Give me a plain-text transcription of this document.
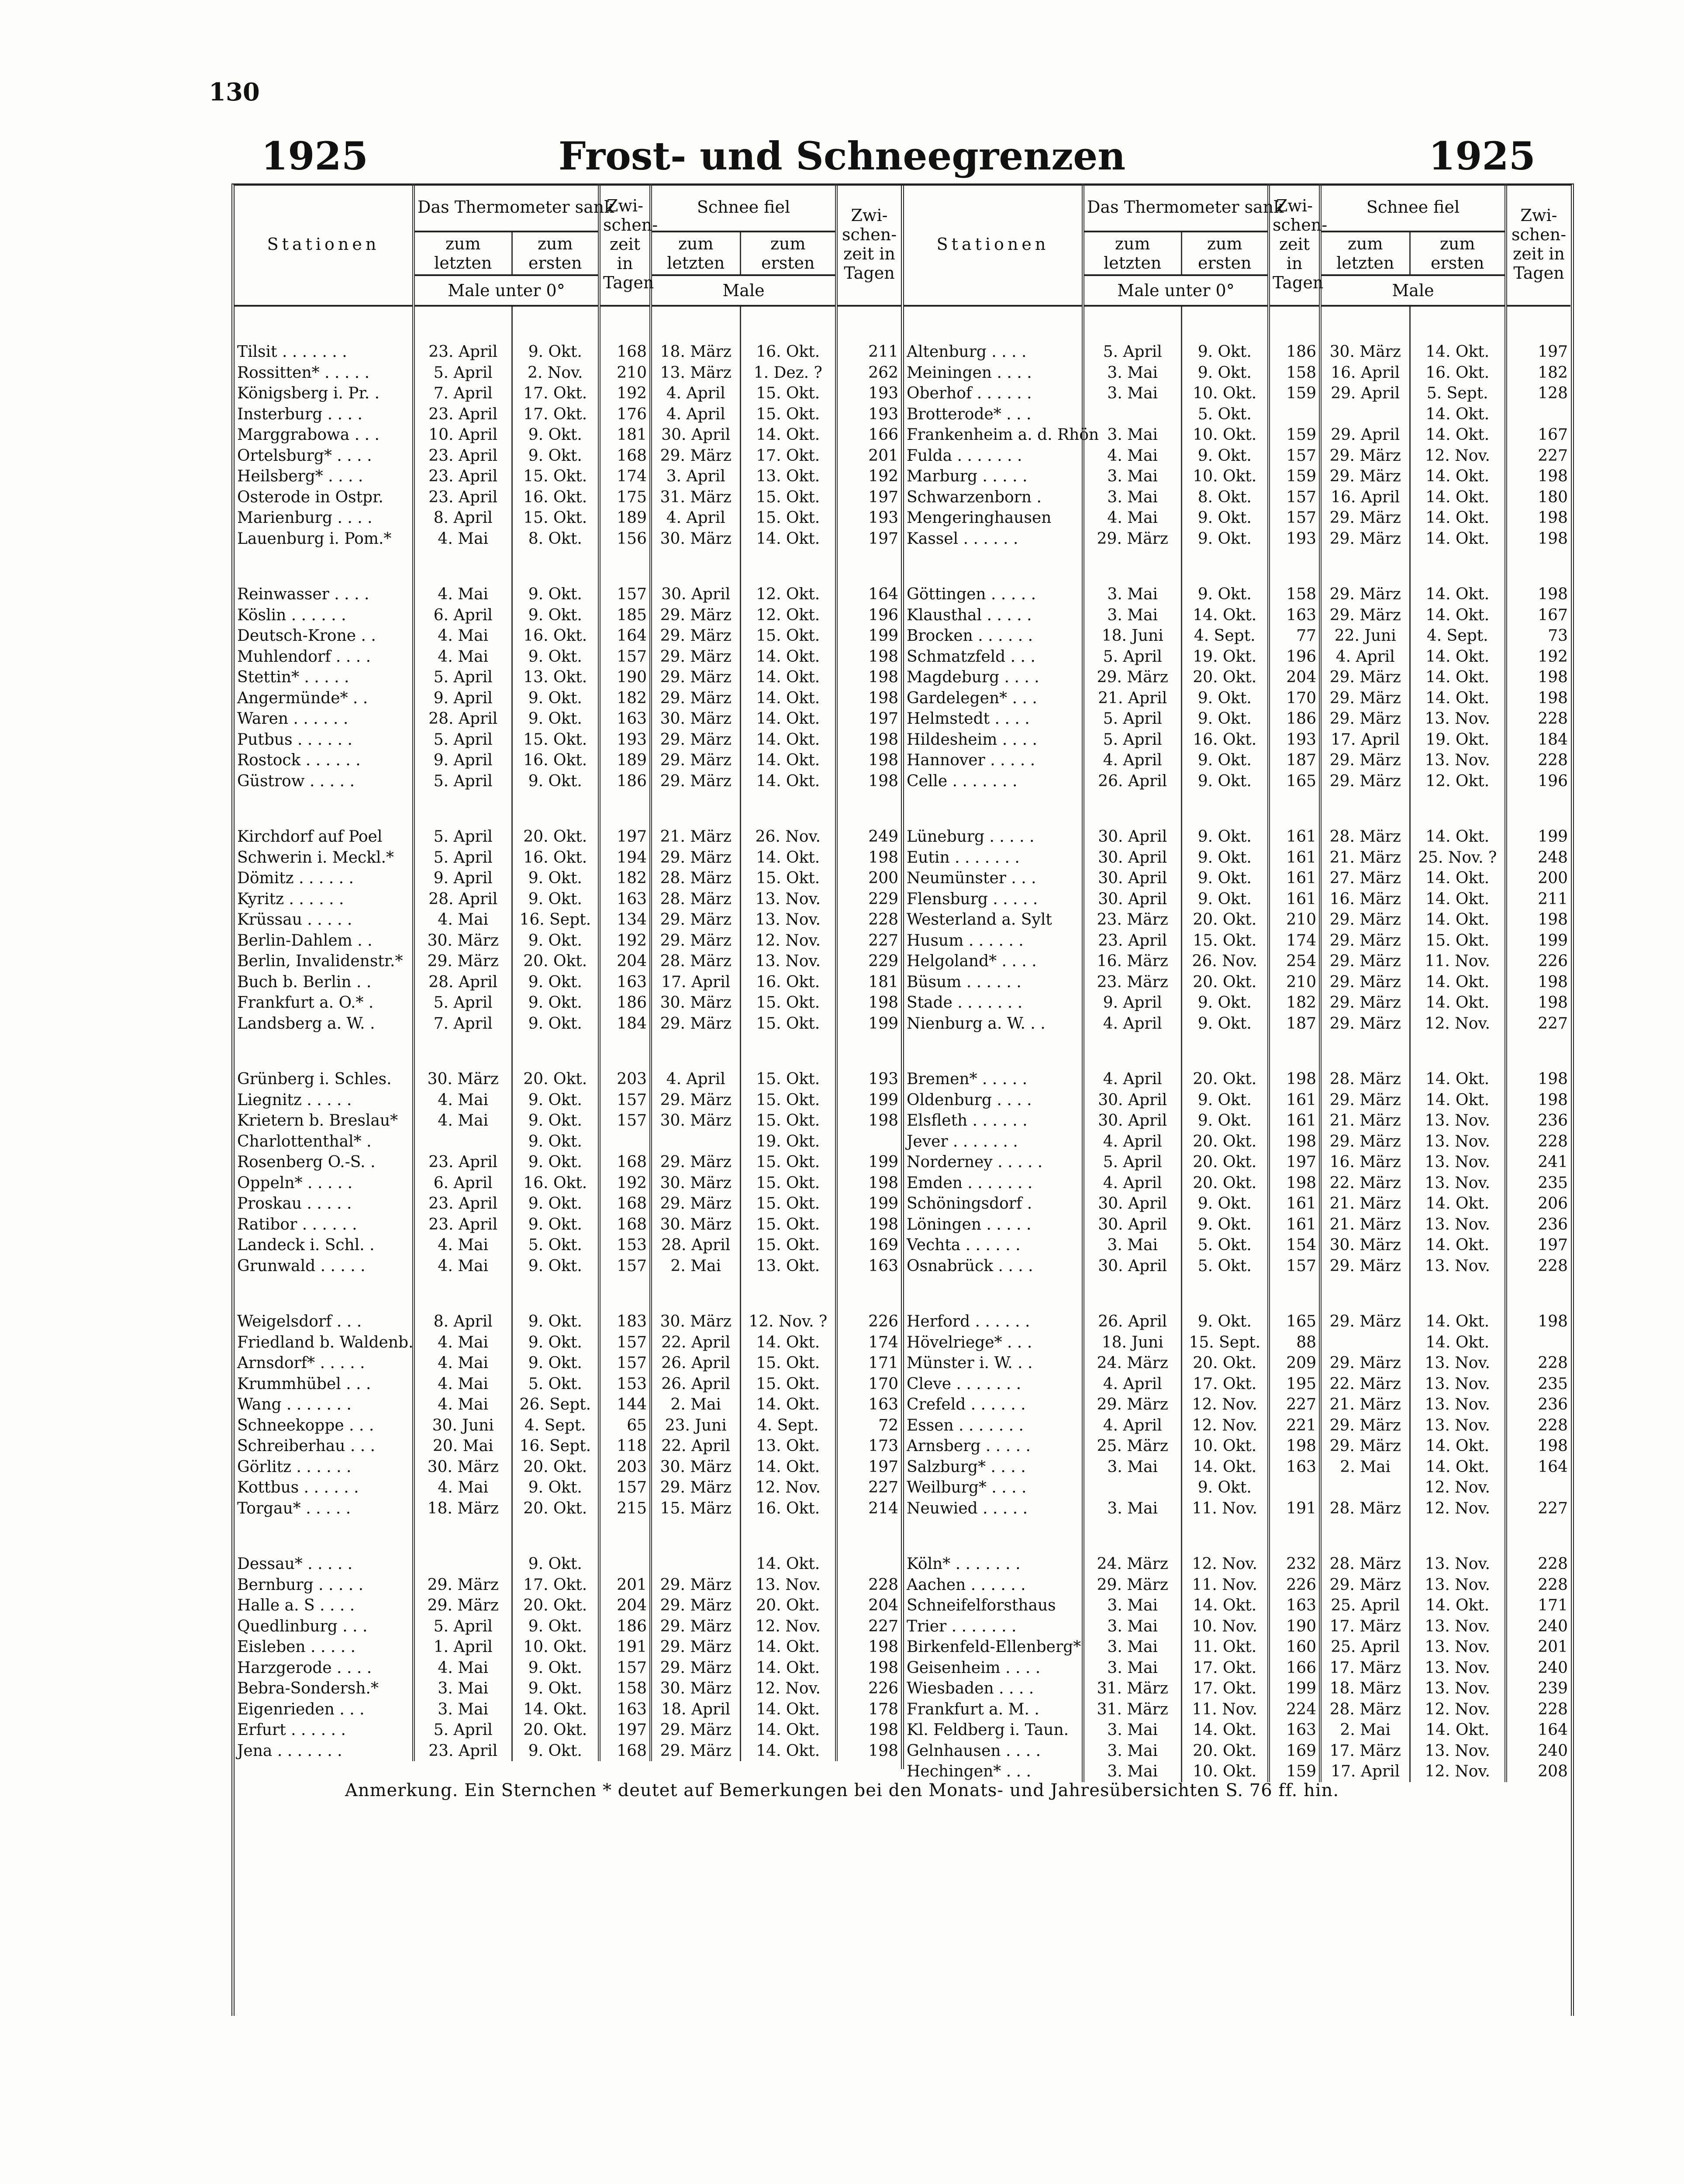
130
1925	Frost- und Schneegrenzen	1925
Stationen	Das Thermometer sank		Zwi-schen-zeit in Tagen	Schnee fiel		Zwi-schen-zeit in Tagen
	zum letzten	zum ersten		zum letzten	zum ersten	
	Male unter 0°			Male		

Tilsit . . . . . . .	23. April	9. Okt.	168	18. März	16. Okt.	211
Rossitten* . . . . .	5. April	2. Nov.	210	13. März	1. Dez. ?	262
Königsberg i. Pr. .	7. April	17. Okt.	192	4. April	15. Okt.	193
Insterburg . . . .	23. April	17. Okt.	176	4. April	15. Okt.	193
Marggrabowa . . .	10. April	9. Okt.	181	30. April	14. Okt.	166
Ortelsburg* . . . .	23. April	9. Okt.	168	29. März	17. Okt.	201
Heilsberg* . . . .	23. April	15. Okt.	174	3. April	13. Okt.	192
Osterode in Ostpr.	23. April	16. Okt.	175	31. März	15. Okt.	197
Marienburg . . . .	8. April	15. Okt.	189	4. April	15. Okt.	193
Lauenburg i. Pom.*	4. Mai	8. Okt.	156	30. März	14. Okt.	197

Reinwasser . . . .	4. Mai	9. Okt.	157	30. April	12. Okt.	164
Köslin . . . . . .	6. April	9. Okt.	185	29. März	12. Okt.	196
Deutsch-Krone . .	4. Mai	16. Okt.	164	29. März	15. Okt.	199
Muhlendorf . . . .	4. Mai	9. Okt.	157	29. März	14. Okt.	198
Stettin* . . . . .	5. April	13. Okt.	190	29. März	14. Okt.	198
Angermünde* . .	9. April	9. Okt.	182	29. März	14. Okt.	198
Waren . . . . . .	28. April	9. Okt.	163	30. März	14. Okt.	197
Putbus . . . . . .	5. April	15. Okt.	193	29. März	14. Okt.	198
Rostock . . . . . .	9. April	16. Okt.	189	29. März	14. Okt.	198
Güstrow . . . . .	5. April	9. Okt.	186	29. März	14. Okt.	198

Kirchdorf auf Poel	5. April	20. Okt.	197	21. März	26. Nov.	249
Schwerin i. Meckl.*	5. April	16. Okt.	194	29. März	14. Okt.	198
Dömitz . . . . . .	9. April	9. Okt.	182	28. März	15. Okt.	200
Kyritz . . . . . .	28. April	9. Okt.	163	28. März	13. Nov.	229
Krüssau . . . . .	4. Mai	16. Sept.	134	29. März	13. Nov.	228
Berlin-Dahlem . .	30. März	9. Okt.	192	29. März	12. Nov.	227
Berlin, Invalidenstr.*	29. März	20. Okt.	204	28. März	13. Nov.	229
Buch b. Berlin . .	28. April	9. Okt.	163	17. April	16. Okt.	181
Frankfurt a. O.* .	5. April	9. Okt.	186	30. März	15. Okt.	198
Landsberg a. W. .	7. April	9. Okt.	184	29. März	15. Okt.	199

Grünberg i. Schles.	30. März	20. Okt.	203	4. April	15. Okt.	193
Liegnitz . . . . .	4. Mai	9. Okt.	157	29. März	15. Okt.	199
Krietern b. Breslau*	4. Mai	9. Okt.	157	30. März	15. Okt.	198
Charlottenthal* .		9. Okt.			19. Okt.	
Rosenberg O.-S. .	23. April	9. Okt.	168	29. März	15. Okt.	199
Oppeln* . . . . .	6. April	16. Okt.	192	30. März	15. Okt.	198
Proskau . . . . .	23. April	9. Okt.	168	29. März	15. Okt.	199
Ratibor . . . . . .	23. April	9. Okt.	168	30. März	15. Okt.	198
Landeck i. Schl. .	4. Mai	5. Okt.	153	28. April	15. Okt.	169
Grunwald . . . . .	4. Mai	9. Okt.	157	2. Mai	13. Okt.	163

Weigelsdorf . . .	8. April	9. Okt.	183	30. März	12. Nov. ?	226
Friedland b. Waldenb.	4. Mai	9. Okt.	157	22. April	14. Okt.	174
Arnsdorf* . . . . .	4. Mai	9. Okt.	157	26. April	15. Okt.	171
Krummhübel . . .	4. Mai	5. Okt.	153	26. April	15. Okt.	170
Wang . . . . . . .	4. Mai	26. Sept.	144	2. Mai	14. Okt.	163
Schneekoppe . . .	30. Juni	4. Sept.	65	23. Juni	4. Sept.	72
Schreiberhau . . .	20. Mai	16. Sept.	118	22. April	13. Okt.	173
Görlitz . . . . . .	30. März	20. Okt.	203	30. März	14. Okt.	197
Kottbus . . . . . .	4. Mai	9. Okt.	157	29. März	12. Nov.	227
Torgau* . . . . .	18. März	20. Okt.	215	15. März	16. Okt.	214

Dessau* . . . . .		9. Okt.			14. Okt.	
Bernburg . . . . .	29. März	17. Okt.	201	29. März	13. Nov.	228
Halle a. S . . . .	29. März	20. Okt.	204	29. März	20. Okt.	204
Quedlinburg . . .	5. April	9. Okt.	186	29. März	12. Nov.	227
Eisleben . . . . .	1. April	10. Okt.	191	29. März	14. Okt.	198
Harzgerode . . . .	4. Mai	9. Okt.	157	29. März	14. Okt.	198
Bebra-Sondersh.*	3. Mai	9. Okt.	158	30. März	12. Nov.	226
Eigenrieden . . .	3. Mai	14. Okt.	163	18. April	14. Okt.	178
Erfurt . . . . . .	5. April	20. Okt.	197	29. März	14. Okt.	198
Jena . . . . . . .	23. April	9. Okt.	168	29. März	14. Okt.	198
Stationen	Das Thermometer sank		Zwi-schen-zeit in Tagen	Schnee fiel		Zwi-schen-zeit in Tagen
	zum letzten	zum ersten		zum letzten	zum ersten	
	Male unter 0°			Male		

Altenburg . . . .	5. April	9. Okt.	186	30. März	14. Okt.	197
Meiningen . . . .	3. Mai	9. Okt.	158	16. April	16. Okt.	182
Oberhof . . . . . .	3. Mai	10. Okt.	159	29. April	5. Sept.	128
Brotterode* . . .		5. Okt.			14. Okt.	
Frankenheim a. d. Rhön	3. Mai	10. Okt.	159	29. April	14. Okt.	167
Fulda . . . . . . .	4. Mai	9. Okt.	157	29. März	12. Nov.	227
Marburg . . . . .	3. Mai	10. Okt.	159	29. März	14. Okt.	198
Schwarzenborn .	3. Mai	8. Okt.	157	16. April	14. Okt.	180
Mengeringhausen	4. Mai	9. Okt.	157	29. März	14. Okt.	198
Kassel . . . . . .	29. März	9. Okt.	193	29. März	14. Okt.	198

Göttingen . . . . .	3. Mai	9. Okt.	158	29. März	14. Okt.	198
Klausthal . . . . .	3. Mai	14. Okt.	163	29. März	14. Okt.	167
Brocken . . . . . .	18. Juni	4. Sept.	77	22. Juni	4. Sept.	73
Schmatzfeld . . .	5. April	19. Okt.	196	4. April	14. Okt.	192
Magdeburg . . . .	29. März	20. Okt.	204	29. März	14. Okt.	198
Gardelegen* . . .	21. April	9. Okt.	170	29. März	14. Okt.	198
Helmstedt . . . .	5. April	9. Okt.	186	29. März	13. Nov.	228
Hildesheim . . . .	5. April	16. Okt.	193	17. April	19. Okt.	184
Hannover . . . . .	4. April	9. Okt.	187	29. März	13. Nov.	228
Celle . . . . . . .	26. April	9. Okt.	165	29. März	12. Okt.	196

Lüneburg . . . . .	30. April	9. Okt.	161	28. März	14. Okt.	199
Eutin . . . . . . .	30. April	9. Okt.	161	21. März	25. Nov. ?	248
Neumünster . . .	30. April	9. Okt.	161	27. März	14. Okt.	200
Flensburg . . . . .	30. April	9. Okt.	161	16. März	14. Okt.	211
Westerland a. Sylt	23. März	20. Okt.	210	29. März	14. Okt.	198
Husum . . . . . .	23. April	15. Okt.	174	29. März	15. Okt.	199
Helgoland* . . . .	16. März	26. Nov.	254	29. März	11. Nov.	226
Büsum . . . . . .	23. März	20. Okt.	210	29. März	14. Okt.	198
Stade . . . . . . .	9. April	9. Okt.	182	29. März	14. Okt.	198
Nienburg a. W. . .	4. April	9. Okt.	187	29. März	12. Nov.	227

Bremen* . . . . .	4. April	20. Okt.	198	28. März	14. Okt.	198
Oldenburg . . . .	30. April	9. Okt.	161	29. März	14. Okt.	198
Elsfleth . . . . . .	30. April	9. Okt.	161	21. März	13. Nov.	236
Jever . . . . . . .	4. April	20. Okt.	198	29. März	13. Nov.	228
Norderney . . . . .	5. April	20. Okt.	197	16. März	13. Nov.	241
Emden . . . . . . .	4. April	20. Okt.	198	22. März	13. Nov.	235
Schöningsdorf .	30. April	9. Okt.	161	21. März	14. Okt.	206
Löningen . . . . .	30. April	9. Okt.	161	21. März	13. Nov.	236
Vechta . . . . . .	3. Mai	5. Okt.	154	30. März	14. Okt.	197
Osnabrück . . . .	30. April	5. Okt.	157	29. März	13. Nov.	228

Herford . . . . . .	26. April	9. Okt.	165	29. März	14. Okt.	198
Hövelriege* . . .	18. Juni	15. Sept.	88		14. Okt.	
Münster i. W. . .	24. März	20. Okt.	209	29. März	13. Nov.	228
Cleve . . . . . . .	4. April	17. Okt.	195	22. März	13. Nov.	235
Crefeld . . . . . .	29. März	12. Nov.	227	21. März	13. Nov.	236
Essen . . . . . . .	4. April	12. Nov.	221	29. März	13. Nov.	228
Arnsberg . . . . .	25. März	10. Okt.	198	29. März	14. Okt.	198
Salzburg* . . . .	3. Mai	14. Okt.	163	2. Mai	14. Okt.	164
Weilburg* . . . .		9. Okt.			12. Nov.	
Neuwied . . . . .	3. Mai	11. Nov.	191	28. März	12. Nov.	227

Köln* . . . . . . .	24. März	12. Nov.	232	28. März	13. Nov.	228
Aachen . . . . . .	29. März	11. Nov.	226	29. März	13. Nov.	228
Schneifelforsthaus	3. Mai	14. Okt.	163	25. April	14. Okt.	171
Trier . . . . . . .	3. Mai	10. Nov.	190	17. März	13. Nov.	240
Birkenfeld-Ellenberg*	3. Mai	11. Okt.	160	25. April	13. Nov.	201
Geisenheim . . . .	3. Mai	17. Okt.	166	17. März	13. Nov.	240
Wiesbaden . . . .	31. März	17. Okt.	199	18. März	13. Nov.	239
Frankfurt a. M. .	31. März	11. Nov.	224	28. März	12. Nov.	228
Kl. Feldberg i. Taun.	3. Mai	14. Okt.	163	2. Mai	14. Okt.	164
Gelnhausen . . . .	3. Mai	20. Okt.	169	17. März	13. Nov.	240
Hechingen* . . .	3. Mai	10. Okt.	159	17. April	12. Nov.	208
Anmerkung. Ein Sternchen * deutet auf Bemerkungen bei den Monats- und Jahresübersichten S. 76 ff. hin.
